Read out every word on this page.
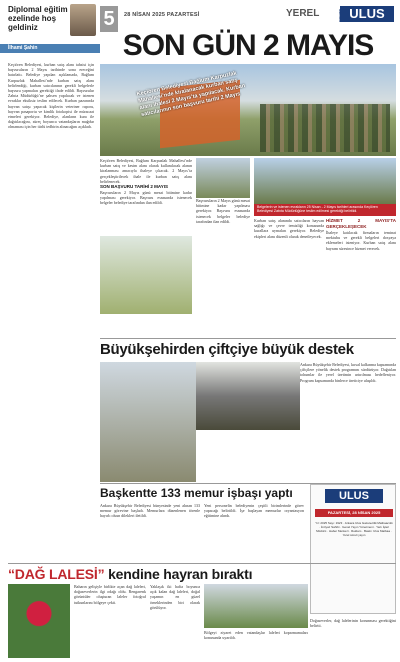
Diplomal eğitim ezelinde hoş geldiniz
İlhami Şahin
5	28 NİSAN 2025 PAZARTESİ	YEREL	ANKARA ULUS
SON GÜN 2 MAYIS
Keçiören Belediyesi Bağlum Karpuzlak Mahallesi’nde kiralanacak kurban satış alanı ihalesi 2 Mayıs’ta yapılacak. Kurban satıcılarının son başvuru tarihi 2 Mayıs
Keçiören Belediyesi, kurban satış alanı tahsisi için başvuruların 2 Mayıs tarihinde sona ereceğini hatırlattı. Belediye yapılan açıklamada, Bağlum Karpuzlak Mahallesi’nde kurban satış alanı belirlendiği, kurban satıcılarının gerekli belgelerle başvuru yapmaları gerektiği ifade edildi. Başvurular Zabıta Müdürlüğü’ne şahsen yapılacak ve istenen evraklar eksiksiz teslim edilecek. Kurban pazarında hayvan satışı yapacak kişilerin veteriner raporu, hayvan pasaportu ve kimlik fotokopisi ile müracaat etmeleri gerekiyor. Belediye, alanların kura ile dağıtılacağını, süreç boyunca vatandaşların mağdur olmaması için her türlü tedbirin alınacağını açıkladı.
Keçiören Belediyesi, Bağlum Karpuzlak Mahallesi’nde kurban satış ve kesim alanı olarak kullanılacak alanın kiralanması amacıyla ihaleye çıkacak. 2 Mayıs’ta gerçekleştirilecek ihale ile kurban satış alanı belirlenecek.
SON BAŞVURU TARİHİ 2 MAYIS
Başvuruların 2 Mayıs günü mesai bitimine kadar yapılması gerekiyor. Başvuru esnasında istenecek belgeler belediye tarafından ilan edildi.	Başvuruların 2 Mayıs günü mesai bitimine kadar yapılması gerekiyor. Başvuru esnasında istenecek belgeler belediye tarafından ilan edildi.
Belgelerin ve istenen evrakların 25 Nisan - 2 Mayıs tarihleri arasında Keçiören Belediyesi Zabıta Müdürlüğüne teslim edilmesi gerektiği belirtildi.
Kurban satış alanında satıcıların hayvan sağlığı ve çevre temizliği konusunda kurallara uymaları gerekiyor. Belediye ekipleri alanı düzenli olarak denetleyecek.
HİZMET 2 MAYIS’TA GERÇEKLEŞECEK
İhaleye katılacak firmaların teminat mektubu ve gerekli belgeleri dosyaya eklemeleri isteniyor. Kurban satış alanı bayram süresince hizmet verecek.
Büyükşehirden çiftçiye büyük destek
Ankara Büyükşehir Belediyesi, kırsal kalkınma kapsamında çiftçilere yönelik destek programını sürdürüyor. Dağıtılan tohumlar ile yerel üretimin artırılması hedefleniyor. Program kapsamında binlerce üreticiye ulaşıldı.
Başkentte 133 memur işbaşı yaptı
Ankara Büyükşehir Belediyesi bünyesinde yeni alınan 133 memur görevine başladı. Memurlara düzenlenen törenle hayırlı olsun dilekleri iletildi.
Yeni personelin belediyenin çeşitli birimlerinde görev yapacağı belirtildi. İşe başlayan memurlar oryantasyon eğitimine alındı.
ULUS
PAZARTESİ, 28 NİSAN 2025
Yıl: 2025 Sayı: 1923 · Ankara Ulus Gazetecilik Matbaacılık · İmtiyaz Sahibi · Genel Yayın Yönetmeni · Yazı İşleri Müdürü · Haber Merkezi · Reklam · Baskı: Ulus Matbaa · Yerel süreli yayın
“DAĞ LALESİ” kendine hayran bıraktı
Baharın gelişiyle birlikte açan dağ laleleri, doğaseverlerin ilgi odağı oldu. Rengarenk görüntüler oluşturan laleler fotoğraf tutkunlarını bölgeye çekti.
Yaklaşık iki hafta boyunca açık kalan dağ laleleri, doğal yaşamın en güzel örneklerinden biri olarak görülüyor.
Bölgeyi ziyaret eden vatandaşlar laleleri koparmamaları konusunda uyarıldı.
Doğaseverler, dağ lalelerinin korunması gerektiğini belirtti.
